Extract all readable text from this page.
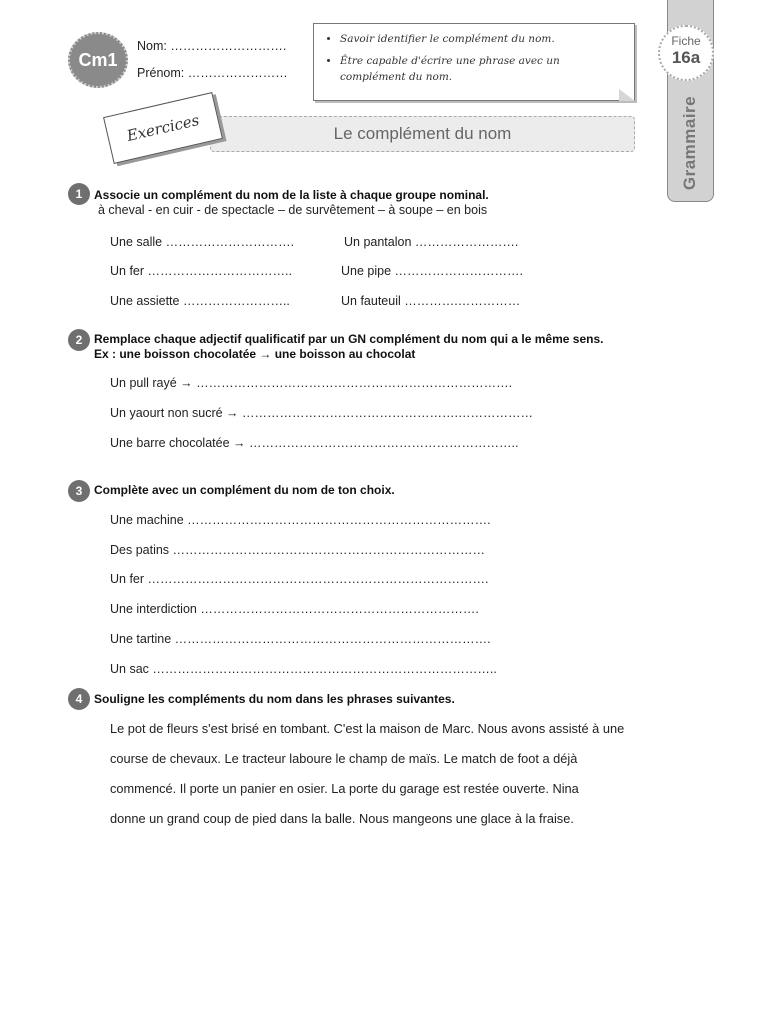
Cm1
Nom: ……………………….
Prénom: ……………………
• Savoir identifier le complément du nom.
• Être capable d'écrire une phrase avec un
complément du nom.
Grammaire
Fiche
16a
Le complément du nom
Exercices
1 Associe un complément du nom de la liste à chaque groupe nominal.
à cheval - en cuir - de spectacle – de survêtement – à soupe – en bois
Une salle ………………………….	Un pantalon …………………….
Un fer ……………………………..	Une pipe ………………………….
Une assiette ……………………..	Un fauteuil ………….……………
2 Remplace chaque adjectif qualificatif par un GN complément du nom qui a le même sens.
Ex : une boisson chocolatée → une boisson au chocolat
Un pull rayé → ………………………………………………………………….
Un yaourt non sucré → …………………………………………….………………
Une barre chocolatée → ………………………………………………………..
3 Complète avec un complément du nom de ton choix.
Une machine ……………………………………………………………….
Des patins …………………………………………………………………
Un fer ……………………………………………………………………….
Une interdiction ………………………………………………………….
Une tartine ………………………………………………………………….
Un sac ………………………………………………………………………..
4 Souligne les compléments du nom dans les phrases suivantes.
Le pot de fleurs s'est brisé en tombant. C'est la maison de Marc. Nous avons assisté à une
course de chevaux. Le tracteur laboure le champ de maïs. Le match de foot a déjà
commencé. Il porte un panier en osier. La porte du garage est restée ouverte. Nina
donne un grand coup de pied dans la balle. Nous mangeons une glace à la fraise.
